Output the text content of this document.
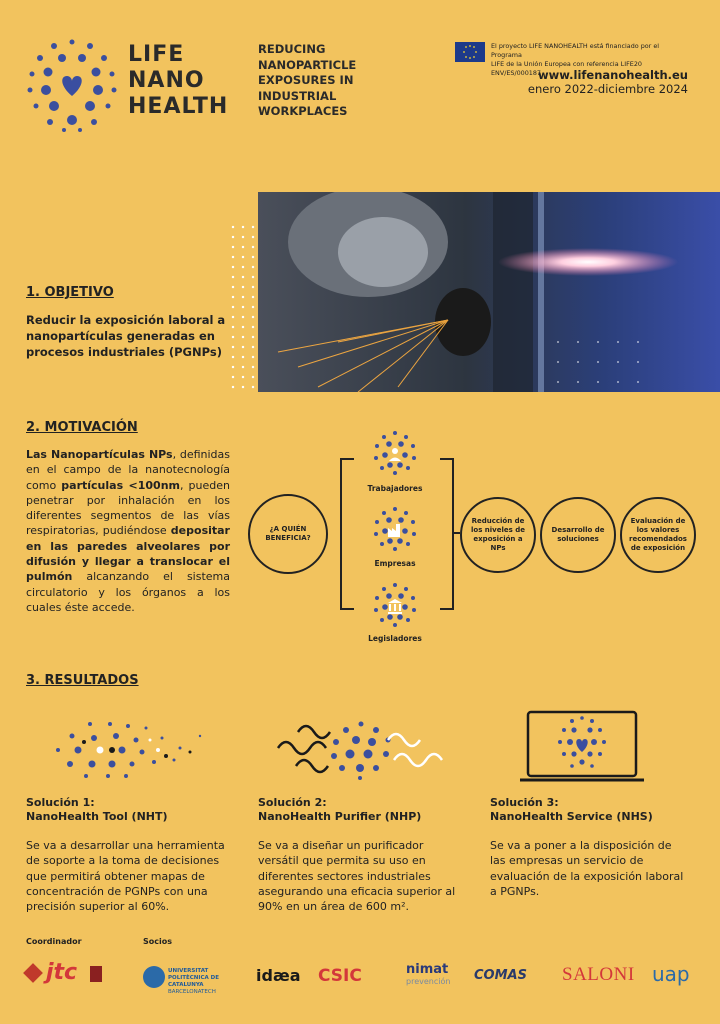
LIFE
NANO
HEALTH
REDUCING
NANOPARTICLE
EXPOSURES IN
INDUSTRIAL
WORKPLACES
El proyecto LIFE NANOHEALTH está financiado por el Programa
LIFE de la Unión Europea con referencia LIFE20 ENV/ES/000187
www.lifenanohealth.eu
enero 2022-diciembre 2024
1. OBJETIVO
Reducir la exposición laboral a nanopartículas generadas en procesos industriales (PGNPs)
2. MOTIVACIÓN
Las Nanopartículas NPs, definidas en el campo de la nanotecnología como partículas <100nm, pueden penetrar por inhalación en los diferentes segmentos de las vías respiratorias, pudiéndose depositar en las paredes alveolares por difusión y llegar a translocar el pulmón alcanzando el sistema circulatorio y los órganos a los cuales éste accede.
¿A QUIÉN BENEFICIA?
Trabajadores
Empresas
Legisladores
Reducción de los niveles de exposición a NPs
Desarrollo de soluciones
Evaluación de los valores recomendados de exposición
3. RESULTADOS
Solución 1:
NanoHealth Tool (NHT)
Se va a desarrollar una herramienta de soporte a la toma de decisiones que permitirá obtener mapas de concentración de PGNPs con una precisión superior al 60%.
Solución 2:
NanoHealth Purifier (NHP)
Se va a diseñar un purificador versátil que permita su uso en diferentes sectores industriales asegurando una eficacia superior al 90% en un área de 600 m².
Solución 3:
NanoHealth Service (NHS)
Se va a poner a la disposición de las empresas un servicio de evaluación de la exposición laboral a PGNPs.
Coordinador	Socios
jtc	UNIVERSITAT POLITÈCNICA DE CATALUNYA
BARCELONATECH
idæa CSIC	nimat
prevención COMAS SALONI uap
